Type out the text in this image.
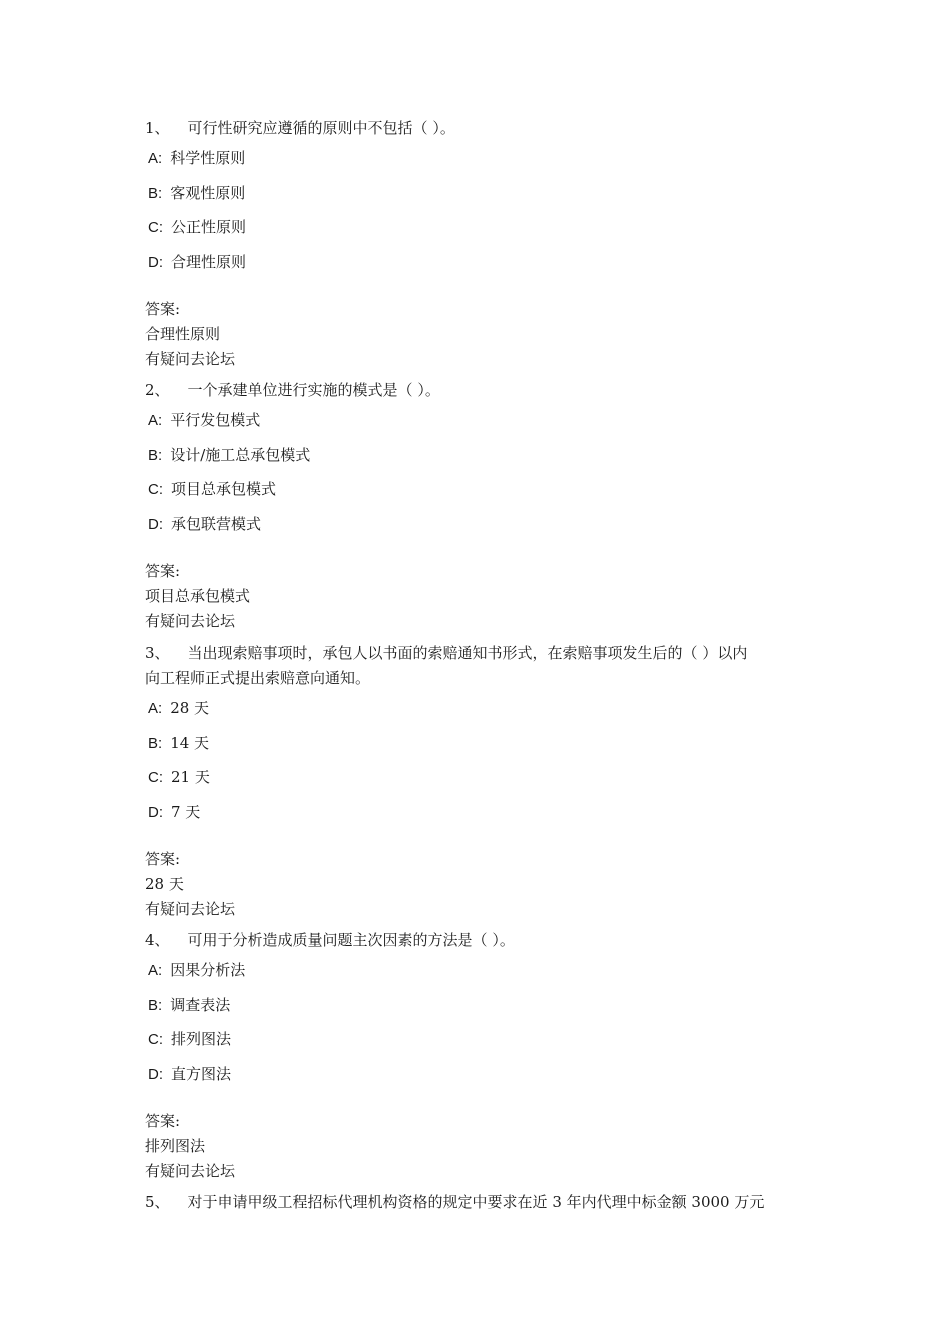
1、 可行性研究应遵循的原则中不包括（ ）。

A: 科学性原则
B: 客观性原则
C: 公正性原则
D: 合理性原则
答案:
合理性原则
有疑问去论坛

2、 一个承建单位进行实施的模式是（ ）。

A: 平行发包模式
B: 设计/施工总承包模式
C: 项目总承包模式
D: 承包联营模式
答案:
项目总承包模式
有疑问去论坛

3、 当出现索赔事项时，承包人以书面的索赔通知书形式，在索赔事项发生后的（ ）以内
向工程师正式提出索赔意向通知。

A: 28 天
B: 14 天
C: 21 天
D: 7 天
答案:
28 天
有疑问去论坛

4、 可用于分析造成质量问题主次因素的方法是（ ）。

A: 因果分析法
B: 调查表法
C: 排列图法
D: 直方图法
答案:
排列图法
有疑问去论坛

5、 对于申请甲级工程招标代理机构资格的规定中要求在近 3 年内代理中标金额 3000 万元
